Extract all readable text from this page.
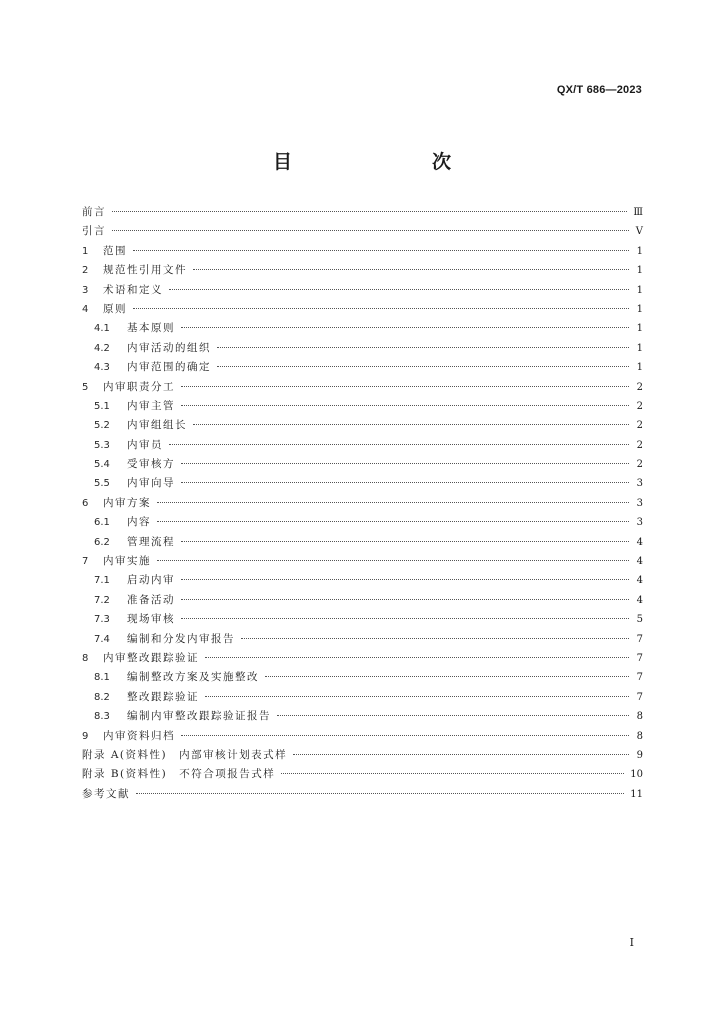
QX/T 686—2023
目　　次
前言	Ⅲ
引言	Ⅴ
1	范围	1
2	规范性引用文件	1
3	术语和定义	1
4	原则	1
4.1	基本原则	1
4.2	内审活动的组织	1
4.3	内审范围的确定	1
5	内审职责分工	2
5.1	内审主管	2
5.2	内审组组长	2
5.3	内审员	2
5.4	受审核方	2
5.5	内审向导	3
6	内审方案	3
6.1	内容	3
6.2	管理流程	4
7	内审实施	4
7.1	启动内审	4
7.2	准备活动	4
7.3	现场审核	5
7.4	编制和分发内审报告	7
8	内审整改跟踪验证	7
8.1	编制整改方案及实施整改	7
8.2	整改跟踪验证	7
8.3	编制内审整改跟踪验证报告	8
9	内审资料归档	8
附录 A(资料性)　内部审核计划表式样	9
附录 B(资料性)　不符合项报告式样	10
参考文献	11
Ⅰ
